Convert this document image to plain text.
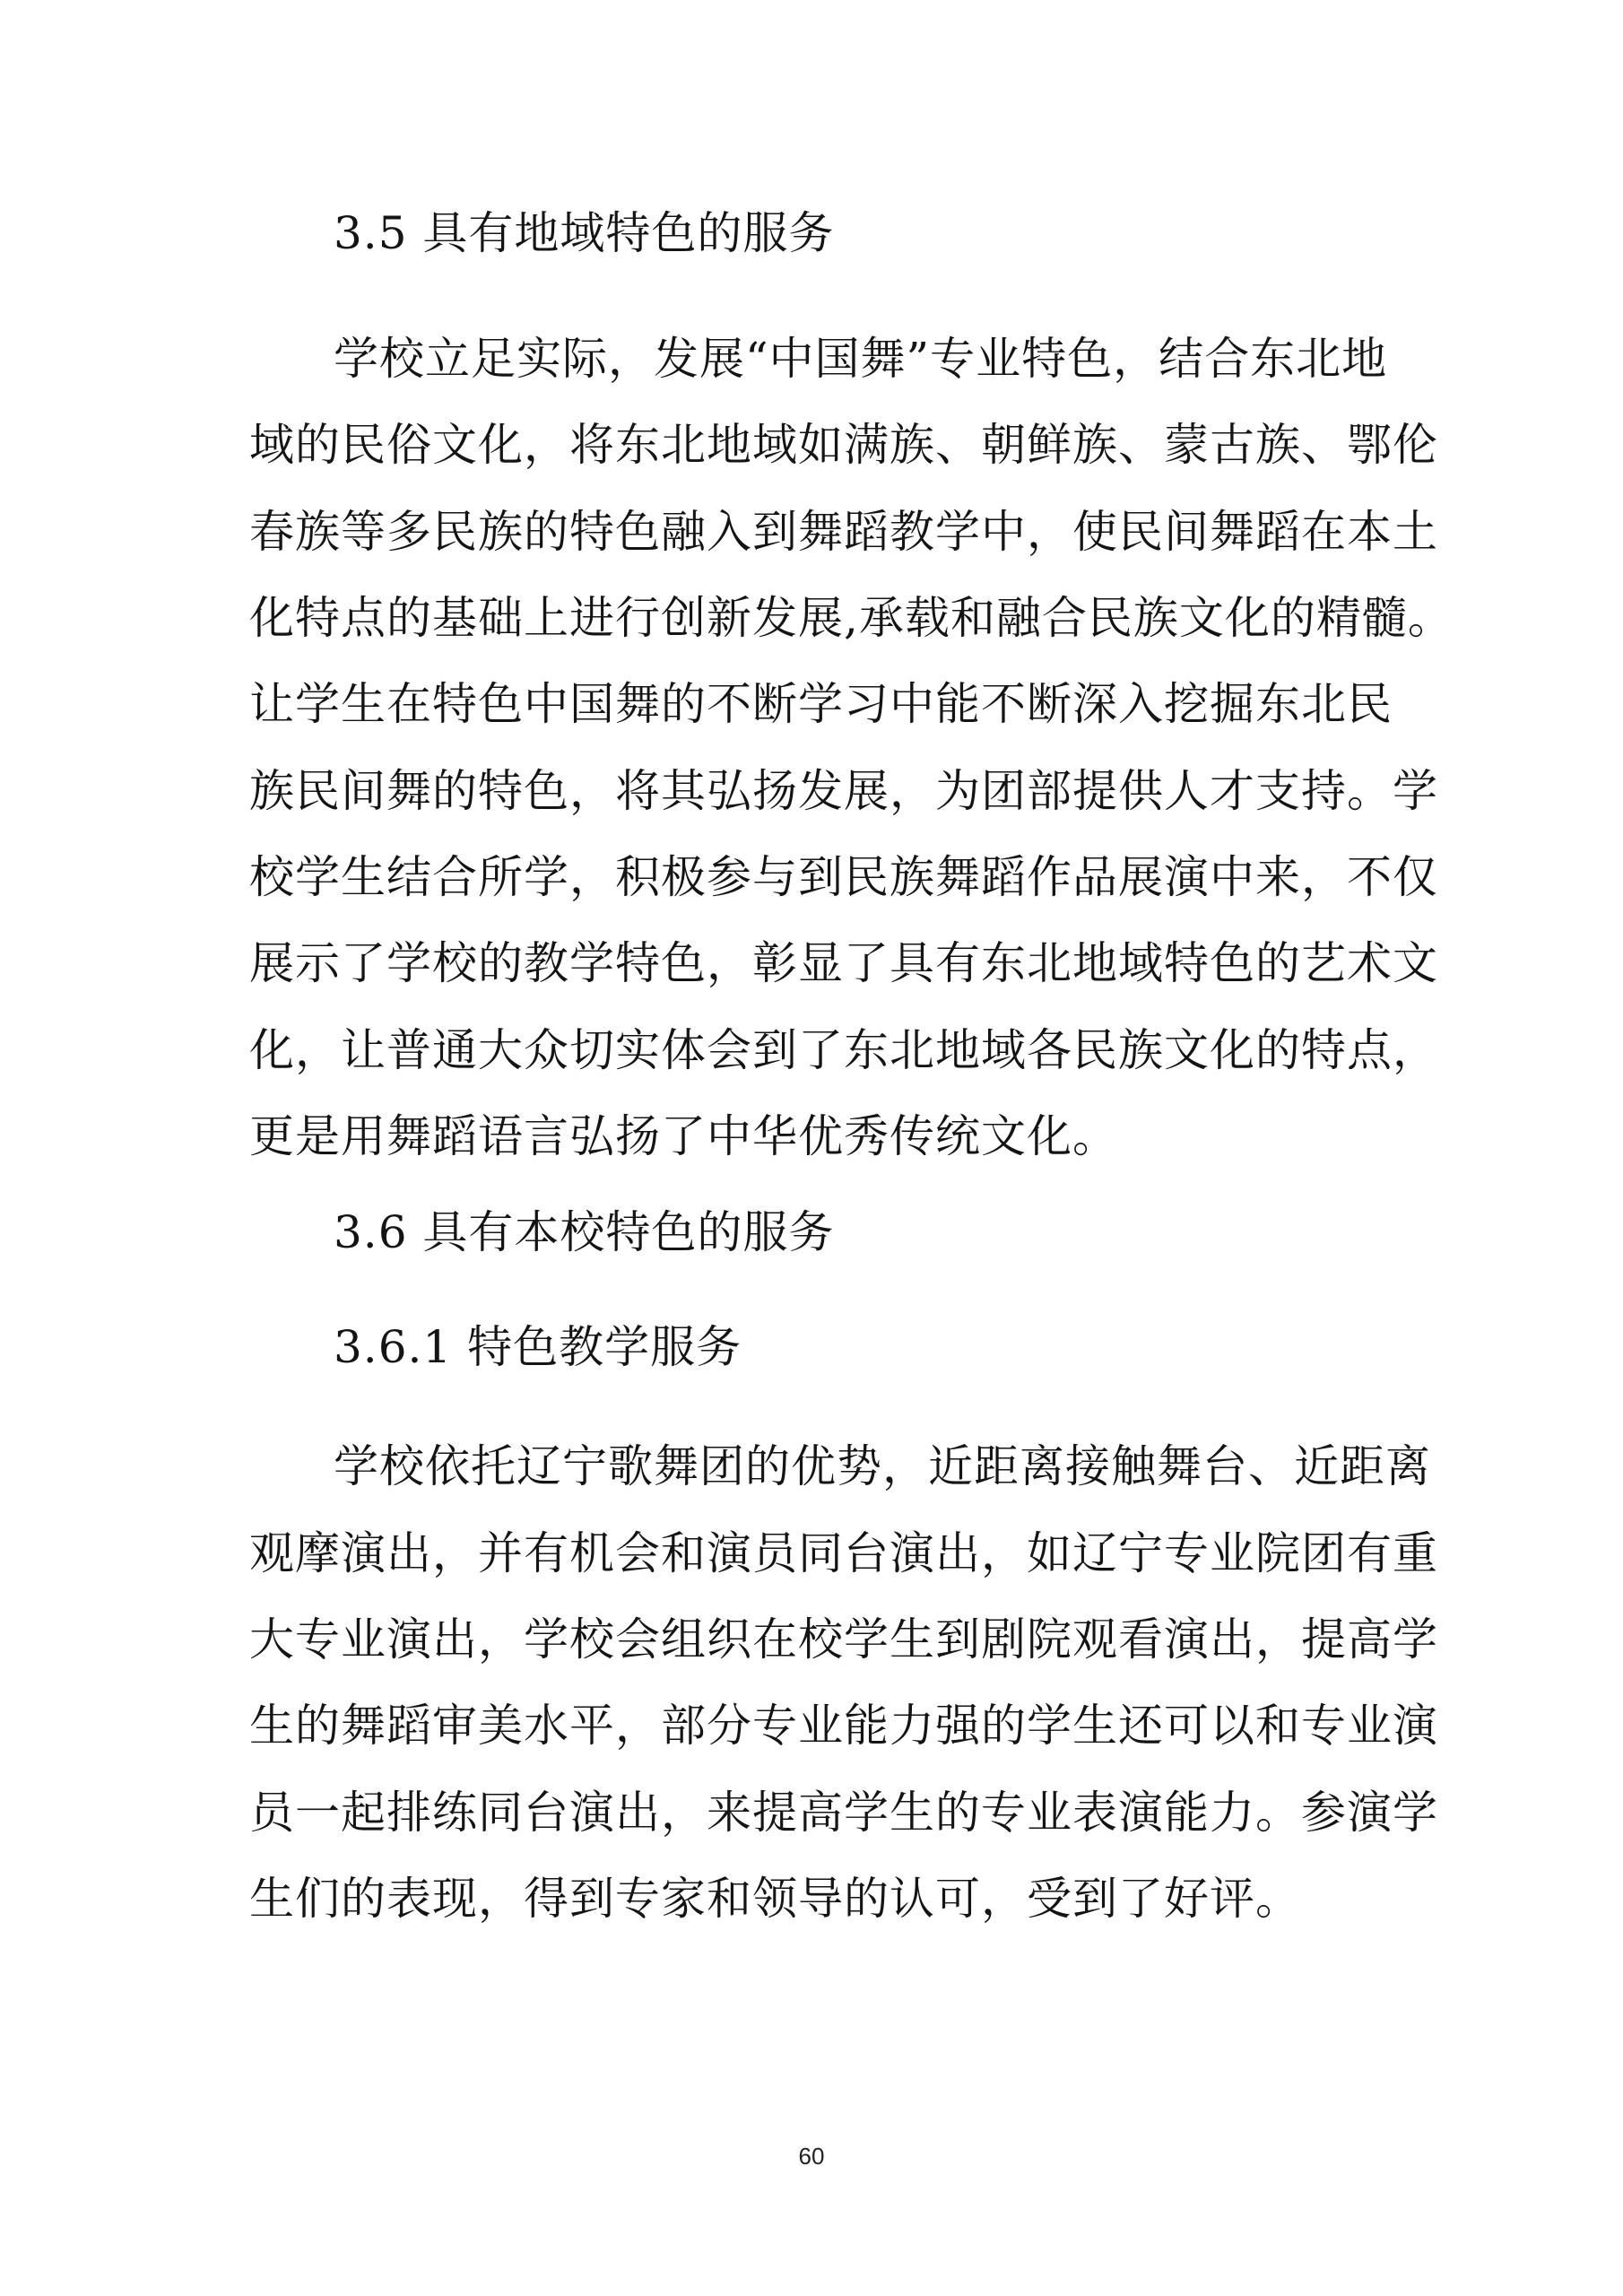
3.5 具有地域特色的服务
学校立足实际，发展“中国舞”专业特色，结合东北地
域的民俗文化，将东北地域如满族、朝鲜族、蒙古族、鄂伦
春族等多民族的特色融入到舞蹈教学中，使民间舞蹈在本土
化特点的基础上进行创新发展,承载和融合民族文化的精髓。
让学生在特色中国舞的不断学习中能不断深入挖掘东北民
族民间舞的特色，将其弘扬发展，为团部提供人才支持。学
校学生结合所学，积极参与到民族舞蹈作品展演中来，不仅
展示了学校的教学特色，彰显了具有东北地域特色的艺术文
化，让普通大众切实体会到了东北地域各民族文化的特点，
更是用舞蹈语言弘扬了中华优秀传统文化。
3.6 具有本校特色的服务
3.6.1 特色教学服务
学校依托辽宁歌舞团的优势，近距离接触舞台、近距离
观摩演出，并有机会和演员同台演出，如辽宁专业院团有重
大专业演出，学校会组织在校学生到剧院观看演出，提高学
生的舞蹈审美水平，部分专业能力强的学生还可以和专业演
员一起排练同台演出，来提高学生的专业表演能力。参演学
生们的表现，得到专家和领导的认可，受到了好评。
60
